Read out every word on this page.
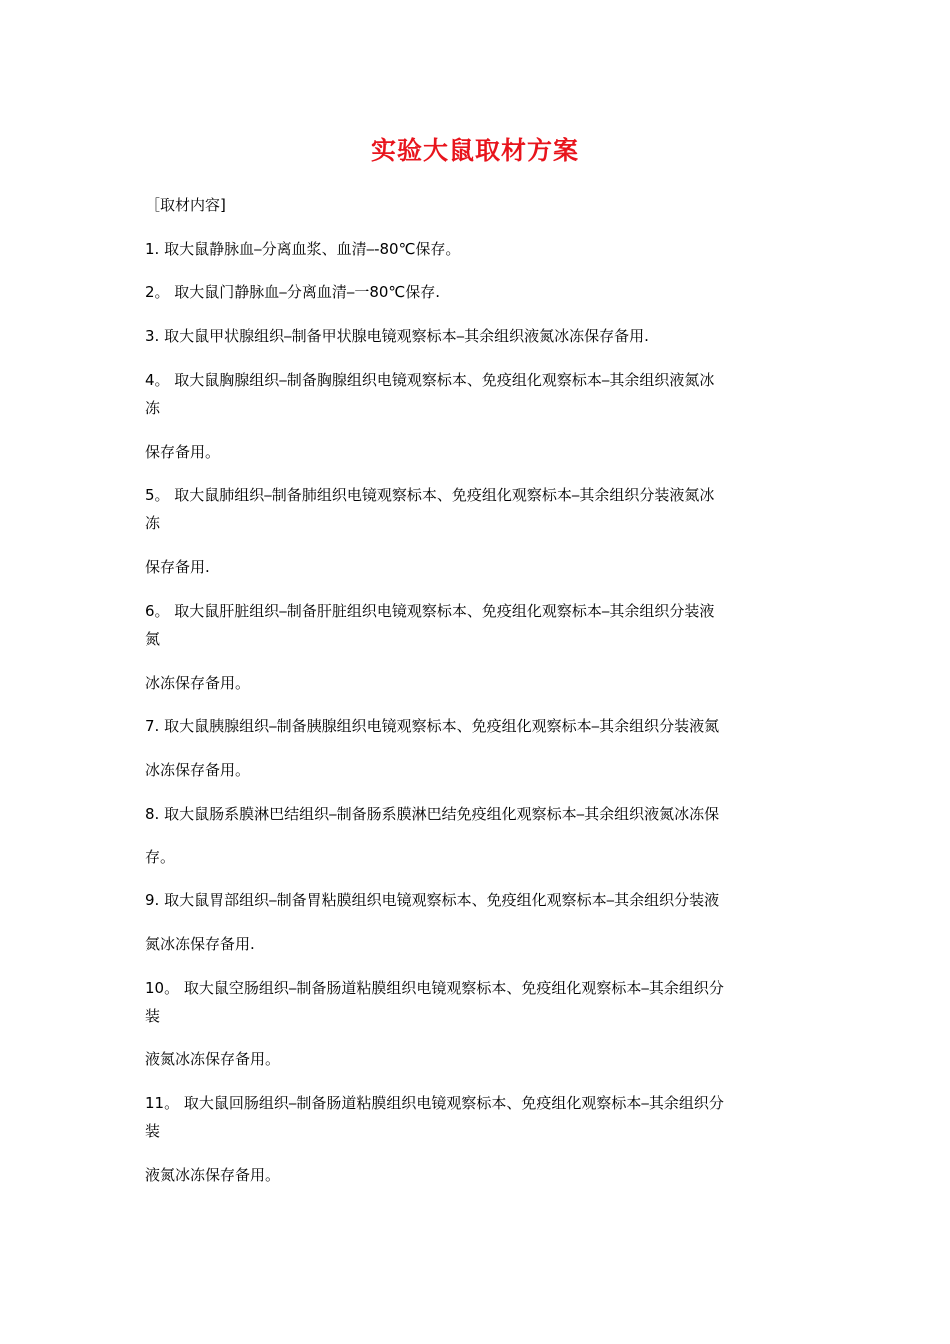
实验大鼠取材方案
［取材内容]
1. 取大鼠静脉血⎯分离血浆、血清⎯-80℃保存。
2。 取大鼠门静脉血⎯分离血清⎯一80℃保存.
3. 取大鼠甲状腺组织⎯制备甲状腺电镜观察标本⎯其余组织液氮冰冻保存备用.
4。 取大鼠胸腺组织⎯制备胸腺组织电镜观察标本、免疫组化观察标本⎯其余组织液氮冰
冻
保存备用。
5。 取大鼠肺组织⎯制备肺组织电镜观察标本、免疫组化观察标本⎯其余组织分装液氮冰
冻
保存备用.
6。 取大鼠肝脏组织⎯制备肝脏组织电镜观察标本、免疫组化观察标本⎯其余组织分装液
氮
冰冻保存备用。
7. 取大鼠胰腺组织⎯制备胰腺组织电镜观察标本、免疫组化观察标本⎯其余组织分装液氮
冰冻保存备用。
8. 取大鼠肠系膜淋巴结组织⎯制备肠系膜淋巴结免疫组化观察标本⎯其余组织液氮冰冻保
存。
9. 取大鼠胃部组织⎯制备胃粘膜组织电镜观察标本、免疫组化观察标本⎯其余组织分装液
氮冰冻保存备用.
10。 取大鼠空肠组织⎯制备肠道粘膜组织电镜观察标本、免疫组化观察标本⎯其余组织分
装
液氮冰冻保存备用。
11。 取大鼠回肠组织⎯制备肠道粘膜组织电镜观察标本、免疫组化观察标本⎯其余组织分
装
液氮冰冻保存备用。
